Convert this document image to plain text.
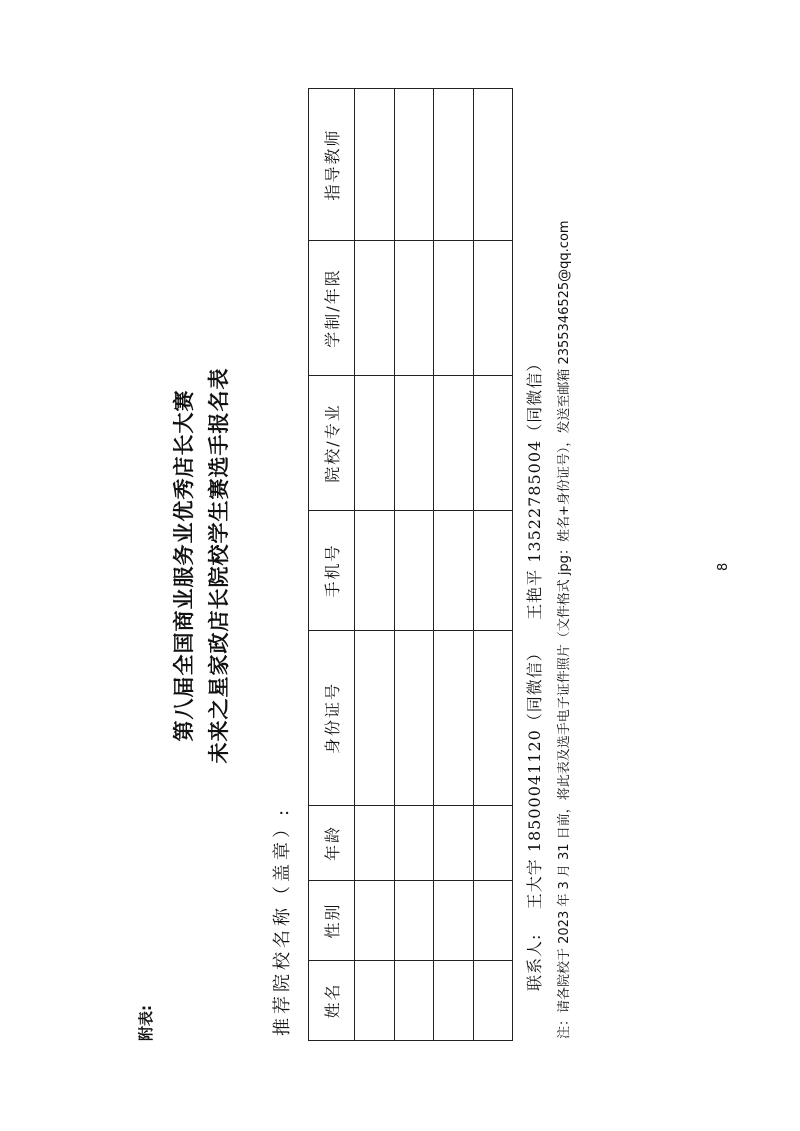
附表:
第八届全国商业服务业优秀店长大赛 未来之星家政店长院校学生赛选手报名表
推荐院校名称（盖章）: 姓名	性别	年龄	身份证号	手机号	院校/专业	学制/年限	指导教师

联系人:    王大宇 18500041120（同微信）    王艳平 13522785004（同微信）	注：请各院校于 2023 年 3 月 31 日前，将此表及选手电子证件照片（文件格式 jpg：姓名+身份证号），发送至邮箱 2355346525@qq.com	8
